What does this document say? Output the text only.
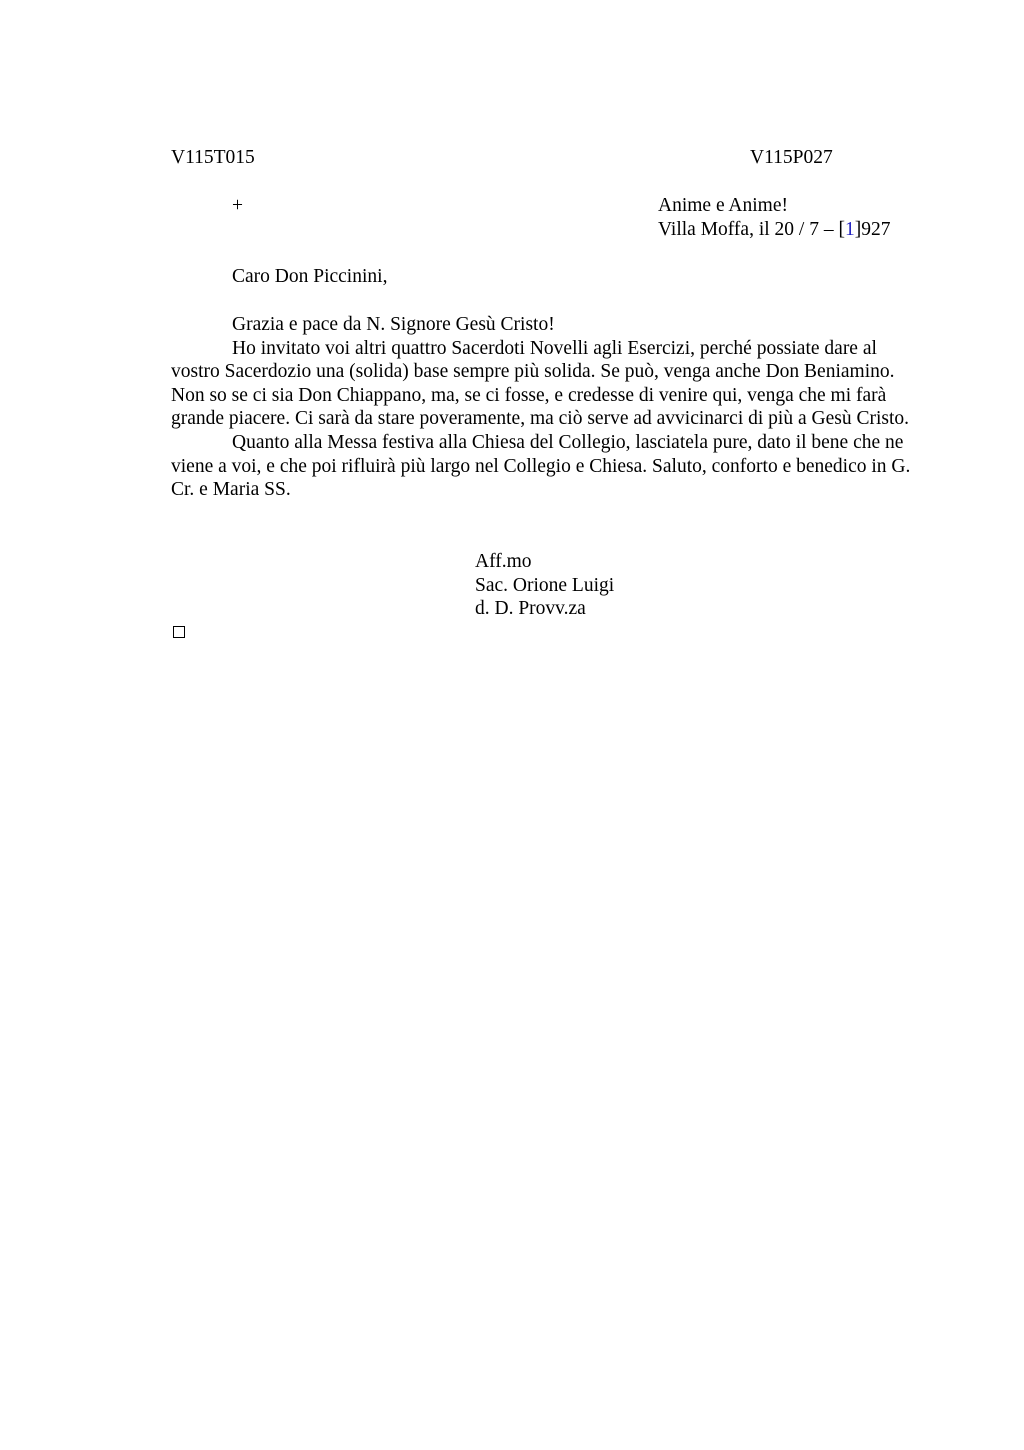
V115T015	V115P027
+	Anime e Anime!
Villa Moffa, il 20 / 7 – [1]927
Caro Don Piccinini,

Grazia e pace da N. Signore Gesù Cristo!

Ho invitato voi altri quattro Sacerdoti Novelli agli Esercizi, perché possiate dare al vostro Sacerdozio una (solida) base sempre più solida. Se può, venga anche Don Beniamino. Non so se ci sia Don Chiappano, ma, se ci fosse, e credesse di venire qui, venga che mi farà grande piacere. Ci sarà da stare poveramente, ma ciò serve ad avvicinarci di più a Gesù Cristo.

Quanto alla Messa festiva alla Chiesa del Collegio, lasciatela pure, dato il bene che ne viene a voi, e che poi rifluirà più largo nel Collegio e Chiesa. Saluto, conforto e benedico in G. Cr. e Maria SS.

Aff.mo
Sac. Orione Luigi
d. D. Provv.za
